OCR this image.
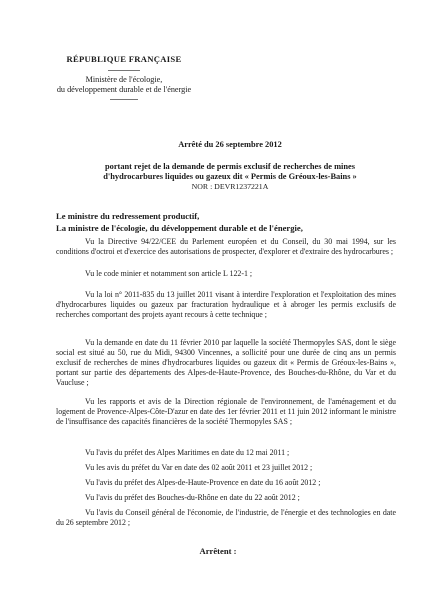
RÉPUBLIQUE FRANÇAISE
Ministère de l'écologie,
du développement durable et de l'énergie
Arrêté du 26 septembre 2012
portant rejet de la demande de permis exclusif de recherches de mines
d'hydrocarbures liquides ou gazeux dit « Permis de Gréoux-les-Bains »
NOR : DEVR1237221A
Le ministre du redressement productif,
La ministre de l'écologie, du développement durable et de l'énergie,

Vu la Directive 94/22/CEE du Parlement européen et du Conseil, du 30 mai 1994, sur les conditions d'octroi et d'exercice des autorisations de prospecter, d'explorer et d'extraire des hydrocarbures ;

Vu le code minier et notamment son article L 122-1 ;

Vu la loi n° 2011-835 du 13 juillet 2011 visant à interdire l'exploration et l'exploitation des mines d'hydrocarbures liquides ou gazeux par fracturation hydraulique et à abroger les permis exclusifs de recherches comportant des projets ayant recours à cette technique ;

Vu la demande en date du 11 février 2010 par laquelle la société Thermopyles SAS, dont le siège social est situé au 50, rue du Midi, 94300 Vincennes, a sollicité pour une durée de cinq ans un permis exclusif de recherches de mines d'hydrocarbures liquides ou gazeux dit « Permis de Gréoux-les-Bains », portant sur partie des départements des Alpes-de-Haute-Provence, des Bouches-du-Rhône, du Var et du Vaucluse ;

Vu les rapports et avis de la Direction régionale de l'environnement, de l'aménagement et du logement de Provence-Alpes-Côte-D'azur en date des 1er février 2011 et 11 juin 2012 informant le ministre de l'insuffisance des capacités financières de la société Thermopyles SAS ;

Vu l'avis du préfet des Alpes Maritimes en date du 12 mai 2011 ;

Vu les avis du préfet du Var en date des 02 août 2011 et 23 juillet 2012 ;

Vu l'avis du préfet des Alpes-de-Haute-Provence en date du 16 août 2012 ;

Vu l'avis du préfet des Bouches-du-Rhône en date du 22 août 2012 ;

Vu l'avis du Conseil général de l'économie, de l'industrie, de l'énergie et des technologies en date du 26 septembre 2012 ;

Arrêtent :
